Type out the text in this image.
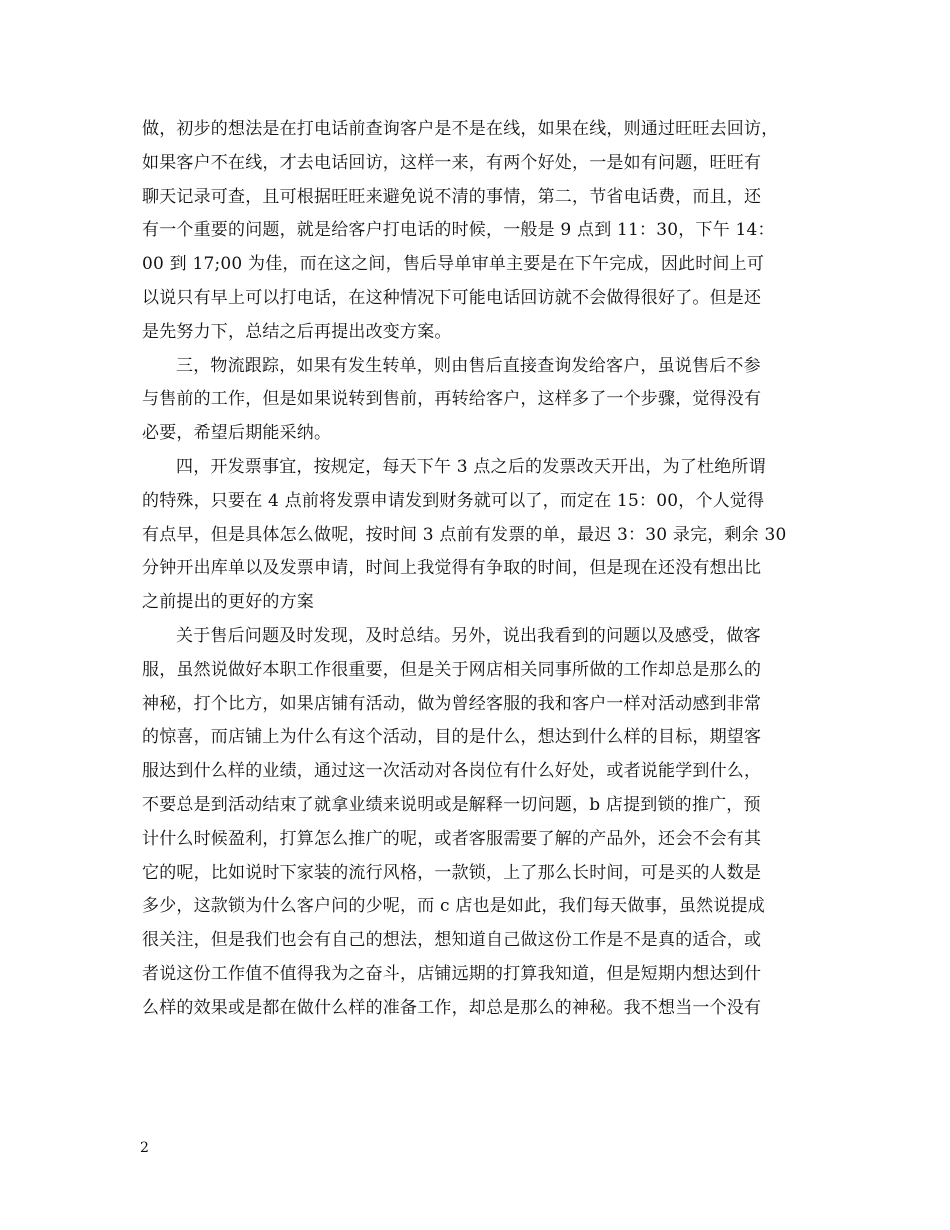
做，初步的想法是在打电话前查询客户是不是在线，如果在线，则通过旺旺去回访，
如果客户不在线，才去电话回访，这样一来，有两个好处，一是如有问题，旺旺有
聊天记录可查，且可根据旺旺来避免说不清的事情，第二，节省电话费，而且，还
有一个重要的问题，就是给客户打电话的时候，一般是 9 点到 11：30，下午 14：
00 到 17;00 为佳，而在这之间，售后导单审单主要是在下午完成，因此时间上可
以说只有早上可以打电话，在这种情况下可能电话回访就不会做得很好了。但是还
是先努力下，总结之后再提出改变方案。
三，物流跟踪，如果有发生转单，则由售后直接查询发给客户，虽说售后不参
与售前的工作，但是如果说转到售前，再转给客户，这样多了一个步骤，觉得没有
必要，希望后期能采纳。
四，开发票事宜，按规定，每天下午 3 点之后的发票改天开出，为了杜绝所谓
的特殊，只要在 4 点前将发票申请发到财务就可以了，而定在 15：00，个人觉得
有点早，但是具体怎么做呢，按时间 3 点前有发票的单，最迟 3：30 录完，剩余 30
分钟开出库单以及发票申请，时间上我觉得有争取的时间，但是现在还没有想出比
之前提出的更好的方案
关于售后问题及时发现，及时总结。另外，说出我看到的问题以及感受，做客
服，虽然说做好本职工作很重要，但是关于网店相关同事所做的工作却总是那么的
神秘，打个比方，如果店铺有活动，做为曾经客服的我和客户一样对活动感到非常
的惊喜，而店铺上为什么有这个活动，目的是什么，想达到什么样的目标，期望客
服达到什么样的业绩，通过这一次活动对各岗位有什么好处，或者说能学到什么，
不要总是到活动结束了就拿业绩来说明或是解释一切问题，b 店提到锁的推广，预
计什么时候盈利，打算怎么推广的呢，或者客服需要了解的产品外，还会不会有其
它的呢，比如说时下家装的流行风格，一款锁，上了那么长时间，可是买的人数是
多少，这款锁为什么客户问的少呢，而 c 店也是如此，我们每天做事，虽然说提成
很关注，但是我们也会有自己的想法，想知道自己做这份工作是不是真的适合，或
者说这份工作值不值得我为之奋斗，店铺远期的打算我知道，但是短期内想达到什
么样的效果或是都在做什么样的准备工作，却总是那么的神秘。我不想当一个没有
2
